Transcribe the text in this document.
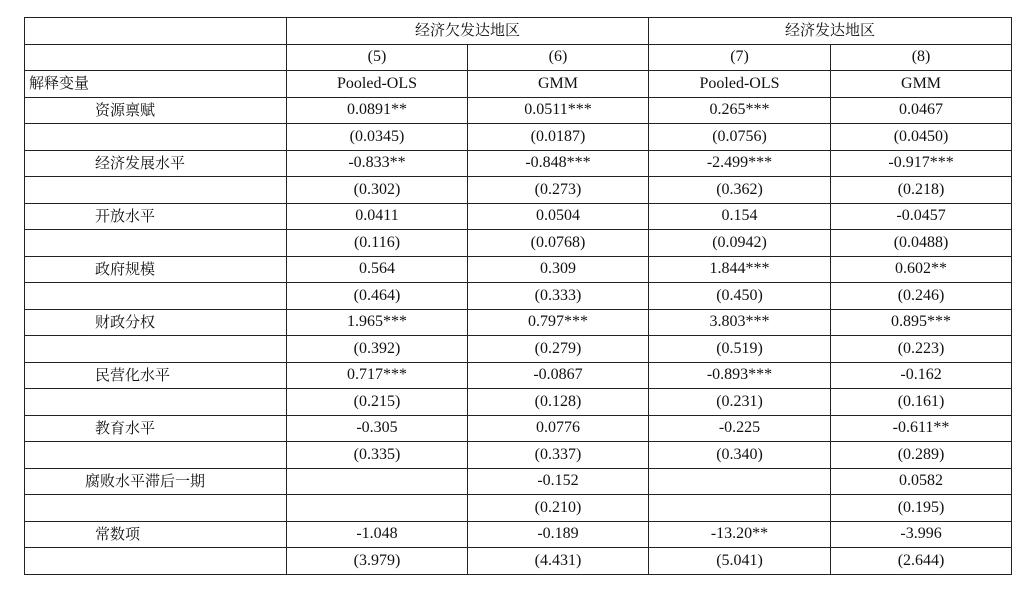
	经济欠发达地区		经济发达地区	
	(5)	(6)	(7)	(8)
解释变量	Pooled-OLS	GMM	Pooled-OLS	GMM
资源禀赋	0.0891**	0.0511***	0.265***	0.0467
	(0.0345)	(0.0187)	(0.0756)	(0.0450)
经济发展水平	-0.833**	-0.848***	-2.499***	-0.917***
	(0.302)	(0.273)	(0.362)	(0.218)
开放水平	0.0411	0.0504	0.154	-0.0457
	(0.116)	(0.0768)	(0.0942)	(0.0488)
政府规模	0.564	0.309	1.844***	0.602**
	(0.464)	(0.333)	(0.450)	(0.246)
财政分权	1.965***	0.797***	3.803***	0.895***
	(0.392)	(0.279)	(0.519)	(0.223)
民营化水平	0.717***	-0.0867	-0.893***	-0.162
	(0.215)	(0.128)	(0.231)	(0.161)
教育水平	-0.305	0.0776	-0.225	-0.611**
	(0.335)	(0.337)	(0.340)	(0.289)
腐败水平滞后一期		-0.152		0.0582
		(0.210)		(0.195)
常数项	-1.048	-0.189	-13.20**	-3.996
	(3.979)	(4.431)	(5.041)	(2.644)
